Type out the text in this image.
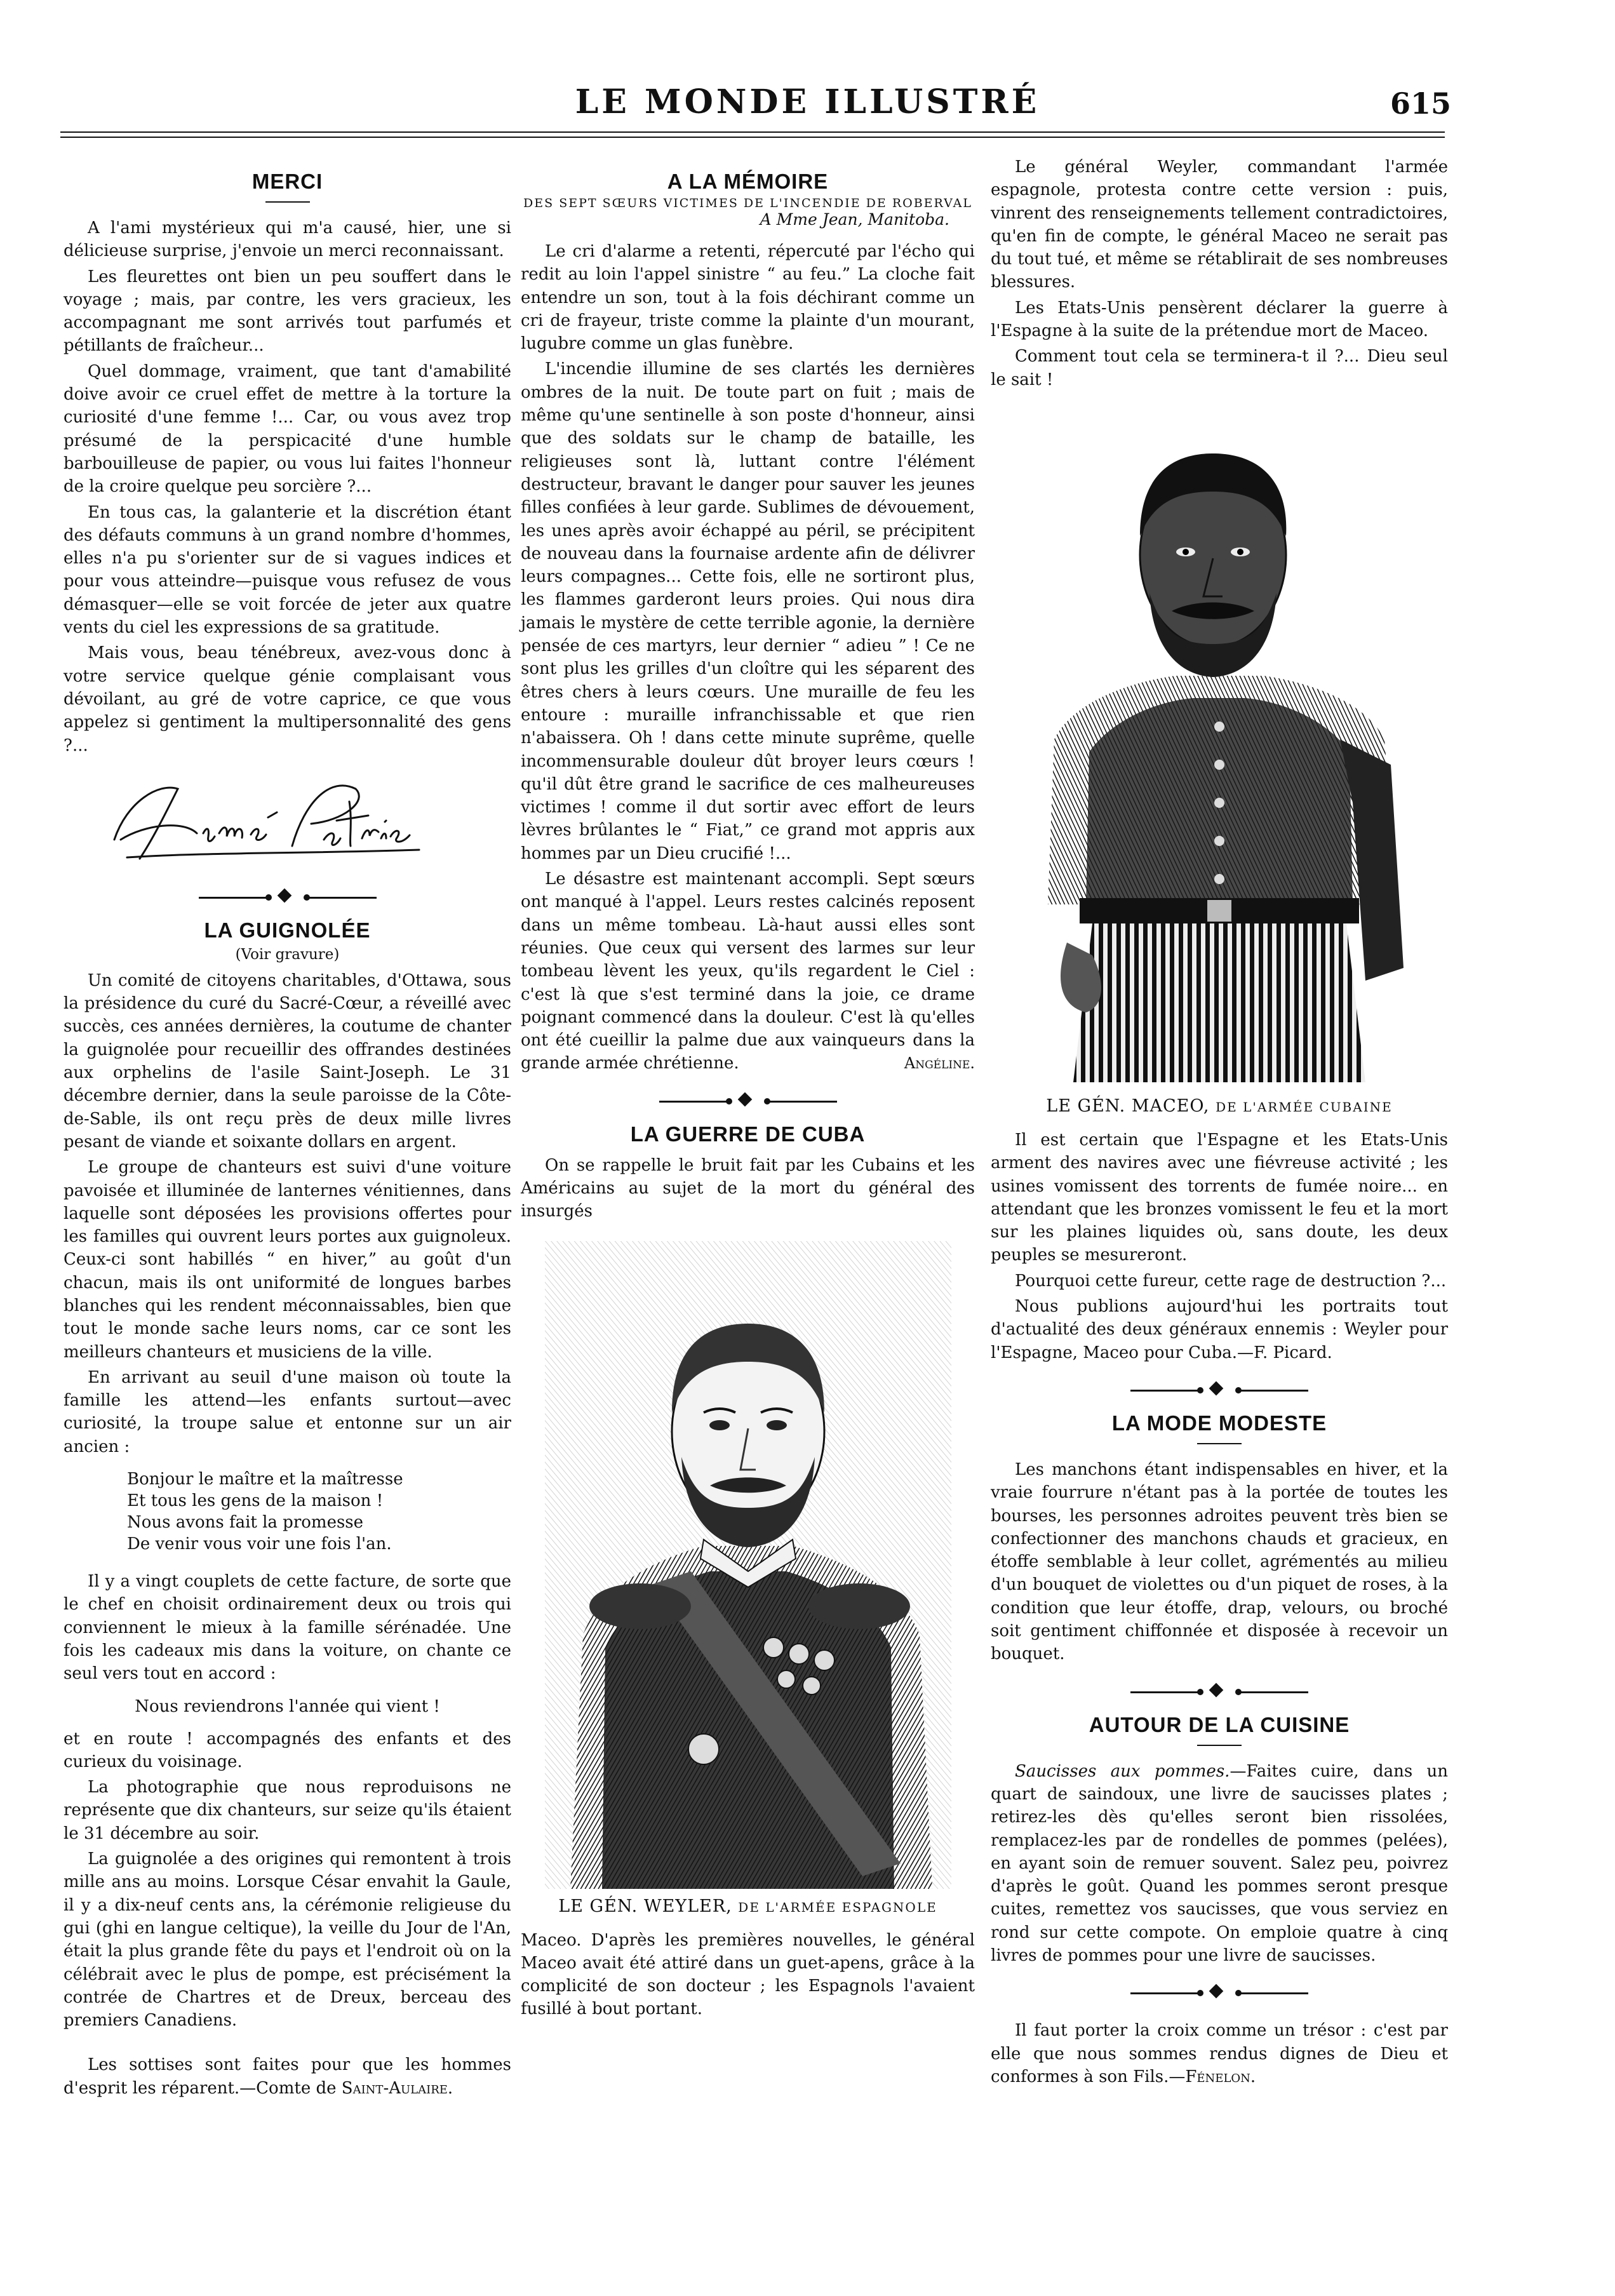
LE MONDE ILLUSTRÉ	615
MERCI

A l'ami mystérieux qui m'a causé, hier, une si délicieuse surprise, j'envoie un merci reconnaissant.

Les fleurettes ont bien un peu souffert dans le voyage ; mais, par contre, les vers gracieux, les accompagnant me sont arrivés tout parfumés et pétillants de fraîcheur...

Quel dommage, vraiment, que tant d'amabilité doive avoir ce cruel effet de mettre à la torture la curiosité d'une femme !... Car, ou vous avez trop présumé de la perspicacité d'une humble barbouilleuse de papier, ou vous lui faites l'honneur de la croire quelque peu sorcière ?...

En tous cas, la galanterie et la discrétion étant des défauts communs à un grand nombre d'hommes, elles n'a pu s'orienter sur de si vagues indices et pour vous atteindre—puisque vous refusez de vous démasquer—elle se voit forcée de jeter aux quatre vents du ciel les expressions de sa gratitude.

Mais vous, beau ténébreux, avez-vous donc à votre service quelque génie complaisant vous dévoilant, au gré de votre caprice, ce que vous appelez si gentiment la multipersonnalité des gens ?...

LA GUIGNOLÉE
(Voir gravure)

Un comité de citoyens charitables, d'Ottawa, sous la présidence du curé du Sacré-Cœur, a réveillé avec succès, ces années dernières, la coutume de chanter la guignolée pour recueillir des offrandes destinées aux orphelins de l'asile Saint-Joseph. Le 31 décembre dernier, dans la seule paroisse de la Côte-de-Sable, ils ont reçu près de deux mille livres pesant de viande et soixante dollars en argent.

Le groupe de chanteurs est suivi d'une voiture pavoisée et illuminée de lanternes vénitiennes, dans laquelle sont déposées les provisions offertes pour les familles qui ouvrent leurs portes aux guignoleux. Ceux-ci sont habillés “ en hiver,” au goût d'un chacun, mais ils ont uniformité de longues barbes blanches qui les rendent méconnaissables, bien que tout le monde sache leurs noms, car ce sont les meilleurs chanteurs et musiciens de la ville.

En arrivant au seuil d'une maison où toute la famille les attend—les enfants surtout—avec curiosité, la troupe salue et entonne sur un air ancien :

Bonjour le maître et la maîtresse
Et tous les gens de la maison !
Nous avons fait la promesse
De venir vous voir une fois l'an.

Il y a vingt couplets de cette facture, de sorte que le chef en choisit ordinairement deux ou trois qui conviennent le mieux à la famille sérénadée. Une fois les cadeaux mis dans la voiture, on chante ce seul vers tout en accord :

Nous reviendrons l'année qui vient !

et en route ! accompagnés des enfants et des curieux du voisinage.

La photographie que nous reproduisons ne représente que dix chanteurs, sur seize qu'ils étaient le 31 décembre au soir.

La guignolée a des origines qui remontent à trois mille ans au moins. Lorsque César envahit la Gaule, il y a dix-neuf cents ans, la cérémonie religieuse du gui (ghi en langue celtique), la veille du Jour de l'An, était la plus grande fête du pays et l'endroit où on la célébrait avec le plus de pompe, est précisément la contrée de Chartres et de Dreux, berceau des premiers Canadiens.

Les sottises sont faites pour que les hommes d'esprit les réparent.—Comte de Saint-Aulaire.

A LA MÉMOIRE
DES SEPT SŒURS VICTIMES DE L'INCENDIE DE ROBERVAL
A Mme Jean, Manitoba.

Le cri d'alarme a retenti, répercuté par l'écho qui redit au loin l'appel sinistre “ au feu.” La cloche fait entendre un son, tout à la fois déchirant comme un cri de frayeur, triste comme la plainte d'un mourant, lugubre comme un glas funèbre.

L'incendie illumine de ses clartés les dernières ombres de la nuit. De toute part on fuit ; mais de même qu'une sentinelle à son poste d'honneur, ainsi que des soldats sur le champ de bataille, les religieuses sont là, luttant contre l'élément destructeur, bravant le danger pour sauver les jeunes filles confiées à leur garde. Sublimes de dévouement, les unes après avoir échappé au péril, se précipitent de nouveau dans la fournaise ardente afin de délivrer leurs compagnes... Cette fois, elle ne sortiront plus, les flammes garderont leurs proies. Qui nous dira jamais le mystère de cette terrible agonie, la dernière pensée de ces martyrs, leur dernier “ adieu ” ! Ce ne sont plus les grilles d'un cloître qui les séparent des êtres chers à leurs cœurs. Une muraille de feu les entoure : muraille infranchissable et que rien n'abaissera. Oh ! dans cette minute suprême, quelle incommensurable douleur dût broyer leurs cœurs ! qu'il dût être grand le sacrifice de ces malheureuses victimes ! comme il dut sortir avec effort de leurs lèvres brûlantes le “ Fiat,” ce grand mot appris aux hommes par un Dieu crucifié !...

Le désastre est maintenant accompli. Sept sœurs ont manqué à l'appel. Leurs restes calcinés reposent dans un même tombeau. Là-haut aussi elles sont réunies. Que ceux qui versent des larmes sur leur tombeau lèvent les yeux, qu'ils regardent le Ciel : c'est là que s'est terminé dans la joie, ce drame poignant commencé dans la douleur. C'est là qu'elles ont été cueillir la palme due aux vainqueurs dans la grande armée chrétienne.	Angéline.

LA GUERRE DE CUBA

On se rappelle le bruit fait par les Cubains et les Américains au sujet de la mort du général des insurgés

LE GÉN. WEYLER, DE L'ARMÉE ESPAGNOLE

Maceo. D'après les premières nouvelles, le général Maceo avait été attiré dans un guet-apens, grâce à la complicité de son docteur ; les Espagnols l'avaient fusillé à bout portant.

Le général Weyler, commandant l'armée espagnole, protesta contre cette version : puis, vinrent des renseignements tellement contradictoires, qu'en fin de compte, le général Maceo ne serait pas du tout tué, et même se rétablirait de ses nombreuses blessures.

Les Etats-Unis pensèrent déclarer la guerre à l'Espagne à la suite de la prétendue mort de Maceo.

Comment tout cela se terminera-t il ?... Dieu seul le sait !

LE GÉN. MACEO, DE L'ARMÉE CUBAINE

Il est certain que l'Espagne et les Etats-Unis arment des navires avec une fiévreuse activité ; les usines vomissent des torrents de fumée noire... en attendant que les bronzes vomissent le feu et la mort sur les plaines liquides où, sans doute, les deux peuples se mesureront.

Pourquoi cette fureur, cette rage de destruction ?...

Nous publions aujourd'hui les portraits tout d'actualité des deux généraux ennemis : Weyler pour l'Espagne, Maceo pour Cuba.—F. Picard.

LA MODE MODESTE

Les manchons étant indispensables en hiver, et la vraie fourrure n'étant pas à la portée de toutes les bourses, les personnes adroites peuvent très bien se confectionner des manchons chauds et gracieux, en étoffe semblable à leur collet, agrémentés au milieu d'un bouquet de violettes ou d'un piquet de roses, à la condition que leur étoffe, drap, velours, ou broché soit gentiment chiffonnée et disposée à recevoir un bouquet.

AUTOUR DE LA CUISINE

Saucisses aux pommes.—Faites cuire, dans un quart de saindoux, une livre de saucisses plates ; retirez-les dès qu'elles seront bien rissolées, remplacez-les par de rondelles de pommes (pelées), en ayant soin de remuer souvent. Salez peu, poivrez d'après le goût. Quand les pommes seront presque cuites, remettez vos saucisses, que vous serviez en rond sur cette compote. On emploie quatre à cinq livres de pommes pour une livre de saucisses.

Il faut porter la croix comme un trésor : c'est par elle que nous sommes rendus dignes de Dieu et conformes à son Fils.—Fénelon.
